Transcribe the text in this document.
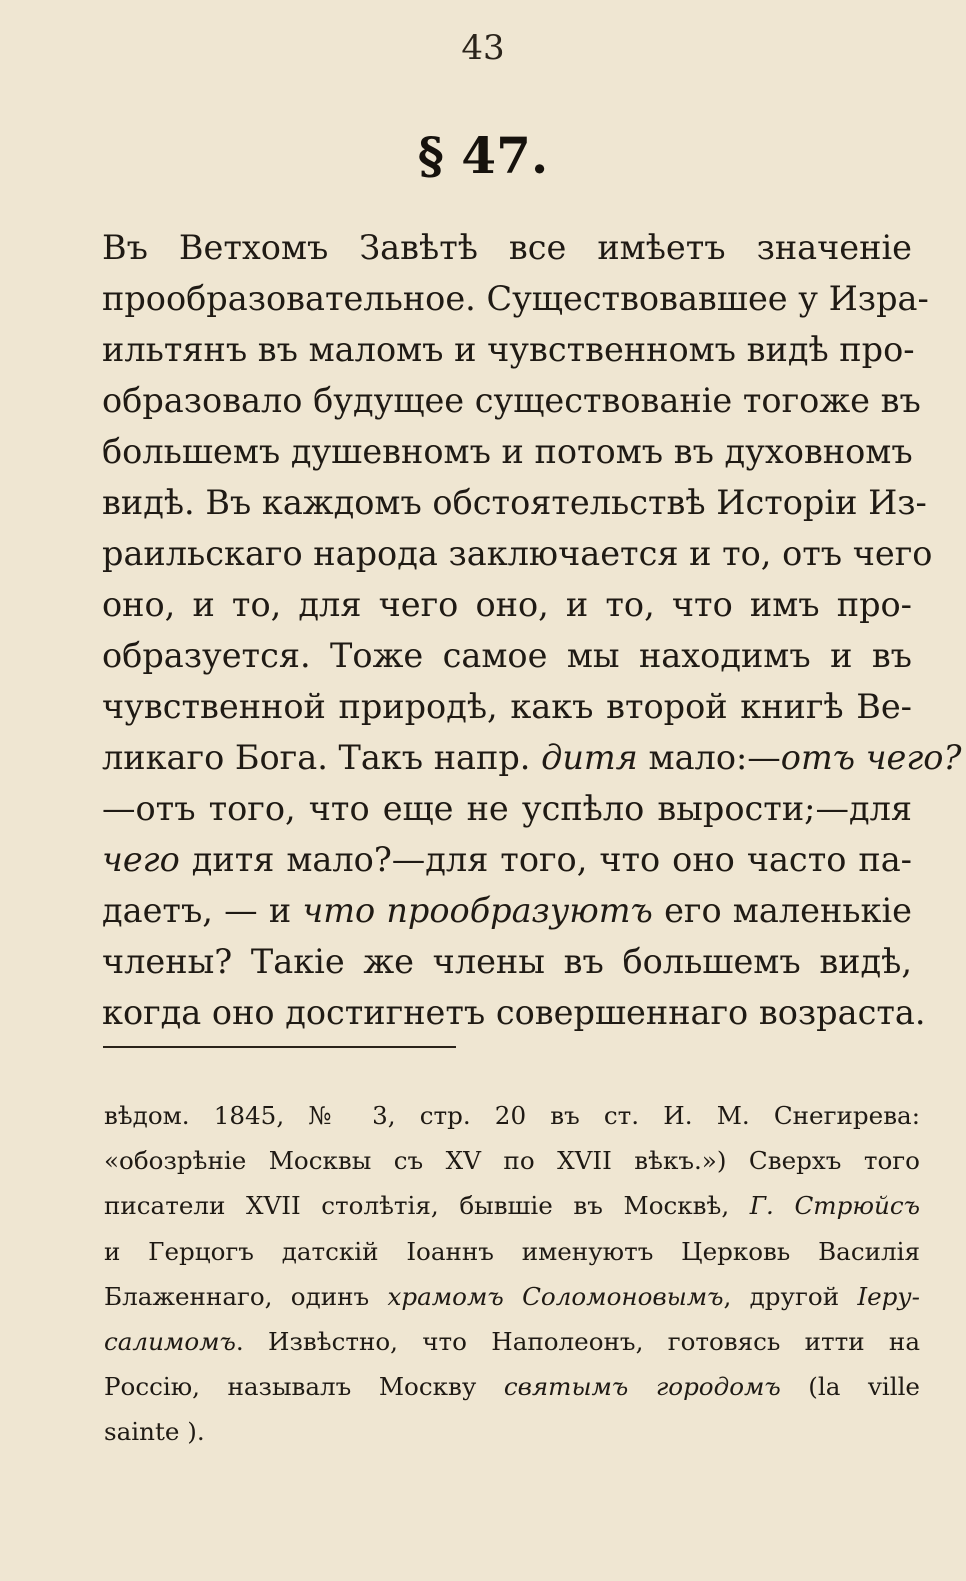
43
§ 47.
Въ Ветхомъ Завѣтѣ все имѣетъ значенie
прообразовательное. Существовавшее у Изра-
ильтянъ въ маломъ и чувственномъ видѣ про-
образовало будущее существованie тогоже въ
большемъ душевномъ и потомъ въ духовномъ
видѣ. Въ каждомъ обстоятельствѣ Исторiи Из-
раильскаго народа заключается и то, отъ чего
оно, и то, для чего оно, и то, что имъ про-
образуется. Тоже самое мы находимъ и въ
чувственной природѣ, какъ второй книгѣ Ве-
ликаго Бога. Такъ напр. дитя мало:—отъ чего?
—отъ того, что еще не успѣло вырости;—для
чего дитя мало?—для того, что оно часто па-
даетъ, — и что прообразуютъ его маленькie
члены? Такie же члены въ большемъ видѣ,
когда оно достигнетъ совершеннаго возраста.
вѣдом. 1845, № 3, стр. 20 въ ст. И. М. Снегирева:
«обозрѣнie Москвы съ XV по XVII вѣкъ.») Сверхъ того
писатели XVII столѣтiя, бывшie въ Москвѣ, Г. Стрюйсъ
и Герцогъ датскiй Iоаннъ именуютъ Церковь Василiя
Блаженнаго, одинъ храмомъ Соломоновымъ, другой Iеру-
салимомъ. Извѣстно, что Наполеонъ, готовясь итти на
Россiю, называлъ Москву святымъ городомъ (la ville
sainte ).
